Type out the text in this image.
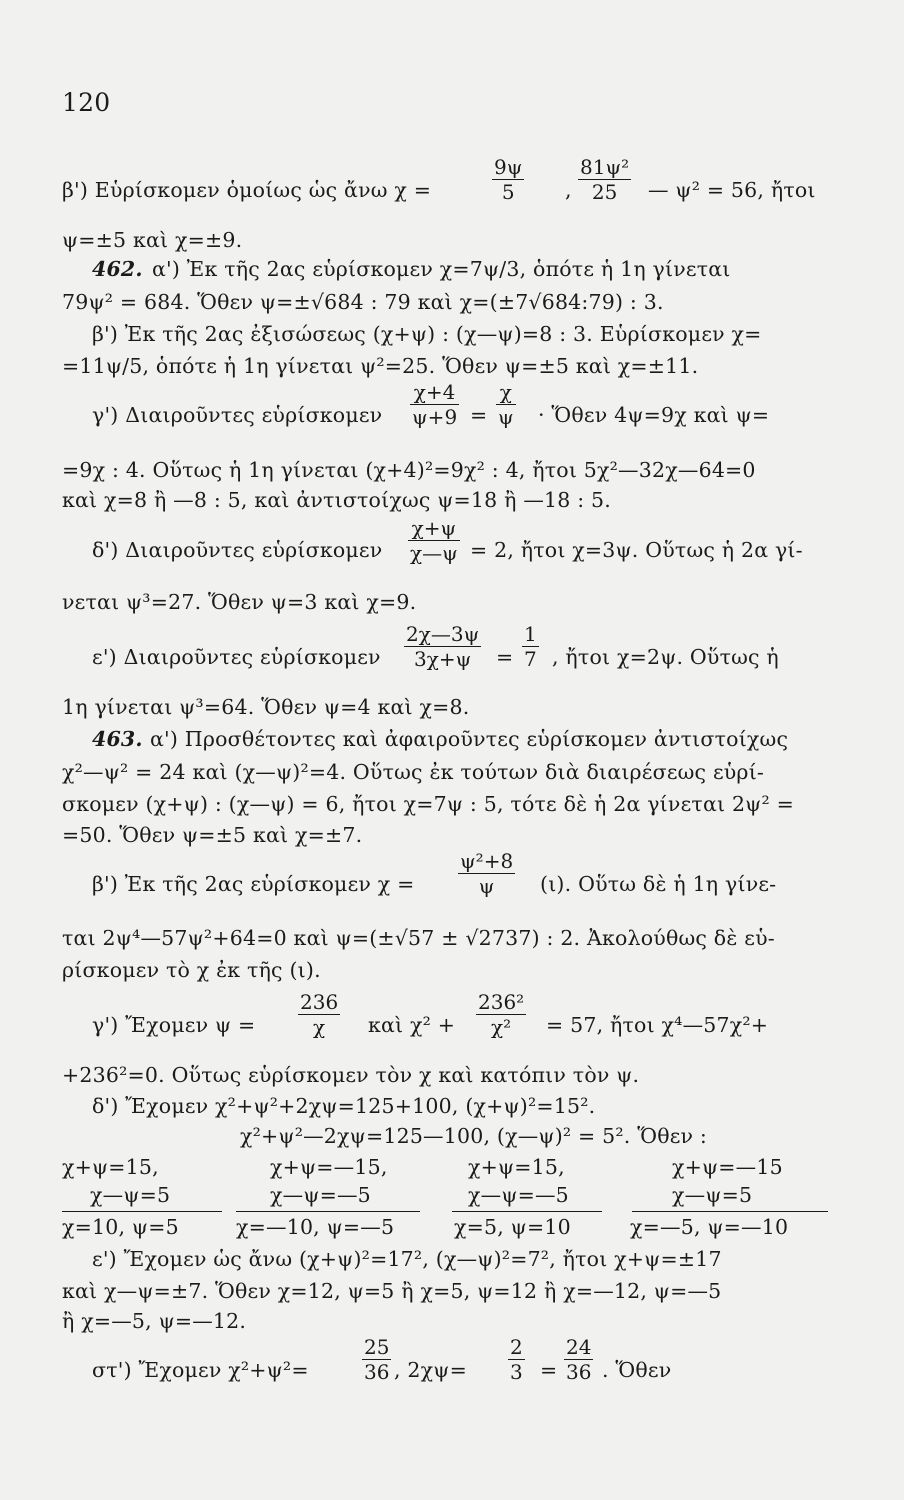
120
β') Εὑρίσκομεν ὁμοίως ὡς ἄνω χ =	$\frac{9\psi}{5}$ , $\frac{\text{81ψ²}}{25}$ — ψ² = 56, ἤτοι
ψ=±5 καὶ χ=±9.
462. α') Ἐκ τῆς 2ας εὑρίσκομεν χ=7ψ/3, ὁπότε ἡ 1η γίνεται
79ψ² = 684. Ὅθεν ψ=±√684 : 79 καὶ χ=(±7√684:79) : 3.
β') Ἐκ τῆς 2ας ἐξισώσεως (χ+ψ) : (χ—ψ)=8 : 3. Εὑρίσκομεν χ=
=11ψ/5, ὁπότε ἡ 1η γίνεται ψ²=25. Ὅθεν ψ=±5 καὶ χ=±11.
γ') Διαιροῦντες εὑρίσκομεν $\frac{\chi+4}{\psi+9} = \frac{\chi}{\psi}$ · Ὅθεν 4ψ=9χ καὶ ψ=
=9χ : 4. Οὕτως ἡ 1η γίνεται (χ+4)²=9χ² : 4, ἤτοι 5χ²—32χ—64=0
καὶ χ=8 ἢ —8 : 5, καὶ ἀντιστοίχως ψ=18 ἢ —18 : 5.
δ') Διαιροῦντες εὑρίσκομεν $\frac{\chi+\psi}{\chi—\psi} = 2$, ἤτοι χ=3ψ. Οὕτως ἡ 2α γί-
νεται ψ³=27. Ὅθεν ψ=3 καὶ χ=9.
ε') Διαιροῦντες εὑρίσκομεν $\frac{2\chi—3\psi}{3\chi+\psi} = \frac{1}{7}$ , ἤτοι χ=2ψ. Οὕτως ἡ
1η γίνεται ψ³=64. Ὅθεν ψ=4 καὶ χ=8.
463. α') Προσθέτοντες καὶ ἀφαιροῦντες εὑρίσκομεν ἀντιστοίχως
χ²—ψ² = 24 καὶ (χ—ψ)²=4. Οὕτως ἐκ τούτων διὰ διαιρέσεως εὑρί-
σκομεν (χ+ψ) : (χ—ψ) = 6, ἤτοι χ=7ψ : 5, τότε δὲ ἡ 2α γίνεται 2ψ² =
=50. Ὅθεν ψ=±5 καὶ χ=±7.
β') Ἐκ τῆς 2ας εὑρίσκομεν $\chi = \frac{\text{ψ²+8}}{\psi} (\iota)$. Οὕτω δὲ ἡ 1η γίνε-
ται 2ψ⁴—57ψ²+64=0 καὶ ψ=(±√57 ± √2737) : 2. Ἀκολούθως δὲ εὑ-
ρίσκομεν τὸ χ ἐκ τῆς (ι).
γ') Ἔχομεν $\psi = \frac{236}{\chi}$ καὶ $\chi^2 + \frac{\text{236²}}{\text{χ²}} = 57$, ἤτοι χ⁴—57χ²+
+236²=0. Οὕτως εὑρίσκομεν τὸν χ καὶ κατόπιν τὸν ψ.
δ') Ἔχομεν χ²+ψ²+2χψ=125+100, (χ+ψ)²=15².
χ²+ψ²—2χψ=125—100, (χ—ψ)² = 5². Ὅθεν :
χ+ψ=15,
χ—ψ=5
χ=10, ψ=5
χ+ψ=—15,
χ—ψ=—5
χ=—10, ψ=—5
χ+ψ=15,
χ—ψ=—5
χ=5, ψ=10
χ+ψ=—15
χ—ψ=5
χ=—5, ψ=—10
ε') Ἔχομεν ὡς ἄνω (χ+ψ)²=17², (χ—ψ)²=7², ἤτοι χ+ψ=±17
καὶ χ—ψ=±7. Ὅθεν χ=12, ψ=5 ἢ χ=5, ψ=12 ἢ χ=—12, ψ=—5
ἢ χ=—5, ψ=—12.
στ') Ἔχομεν χ²+ψ²=	$\frac{25}{36}$ , $2\chi\psi= \frac{2}{3} = \frac{24}{36}$ . Ὅθεν
